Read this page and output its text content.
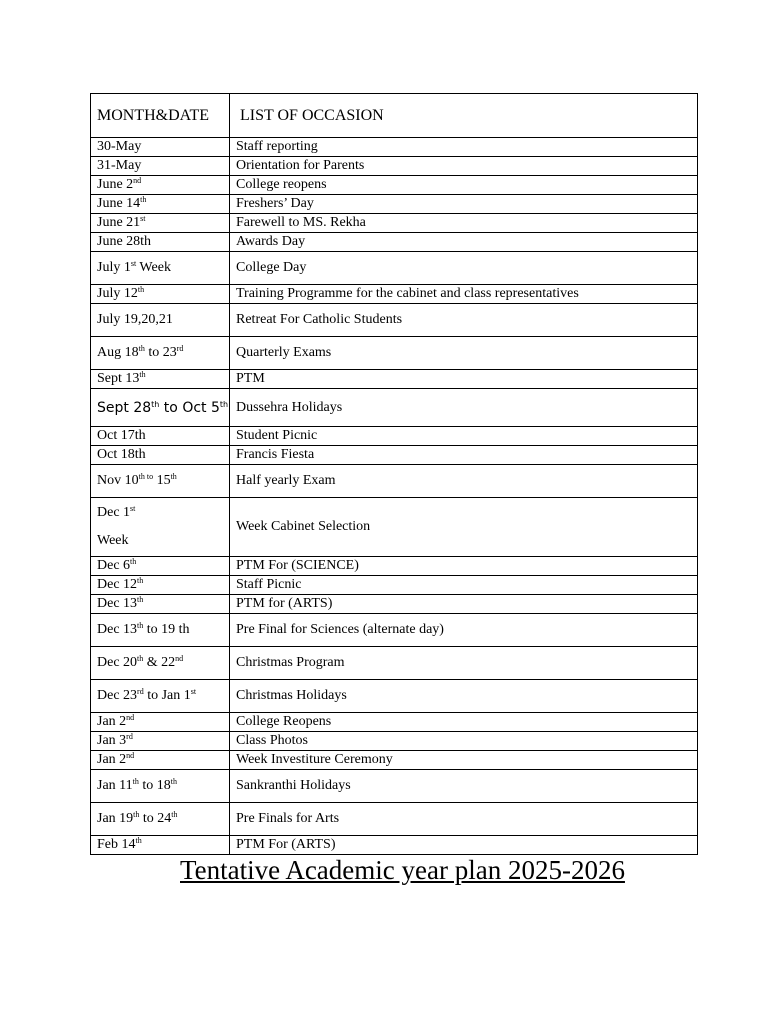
MONTH&DATE	LIST OF OCCASION
30-May	Staff reporting
31-May	Orientation for Parents
June 2nd	College reopens
June 14th	Freshers’ Day
June 21st	Farewell to MS. Rekha
June 28th	Awards Day
July 1st Week	College Day
July 12th	Training Programme for the cabinet and class representatives
July 19,20,21	Retreat For Catholic Students
Aug 18th to 23rd	Quarterly Exams
Sept 13th	PTM
Sept 28th to Oct 5th	Dussehra Holidays
Oct 17th	Student Picnic
Oct 18th	Francis Fiesta
Nov $10^{th to}$ 15th	Half yearly Exam

Dec 1st
Week	Week Cabinet Selection
Dec 6th	PTM For (SCIENCE)
Dec 12th	Staff Picnic
Dec 13th	PTM for (ARTS)
Dec 13th to 19 th	Pre Final for Sciences (alternate day)
Dec 20th & 22nd	Christmas Program
Dec 23rd to Jan 1st	Christmas Holidays
Jan 2nd	College Reopens
Jan 3rd	Class Photos
Jan 2nd	Week Investiture Ceremony
Jan 11th to 18th	Sankranthi Holidays
Jan 19th to 24th	Pre Finals for Arts
Feb 14th	PTM For (ARTS)
Tentative Academic year plan 2025-2026
